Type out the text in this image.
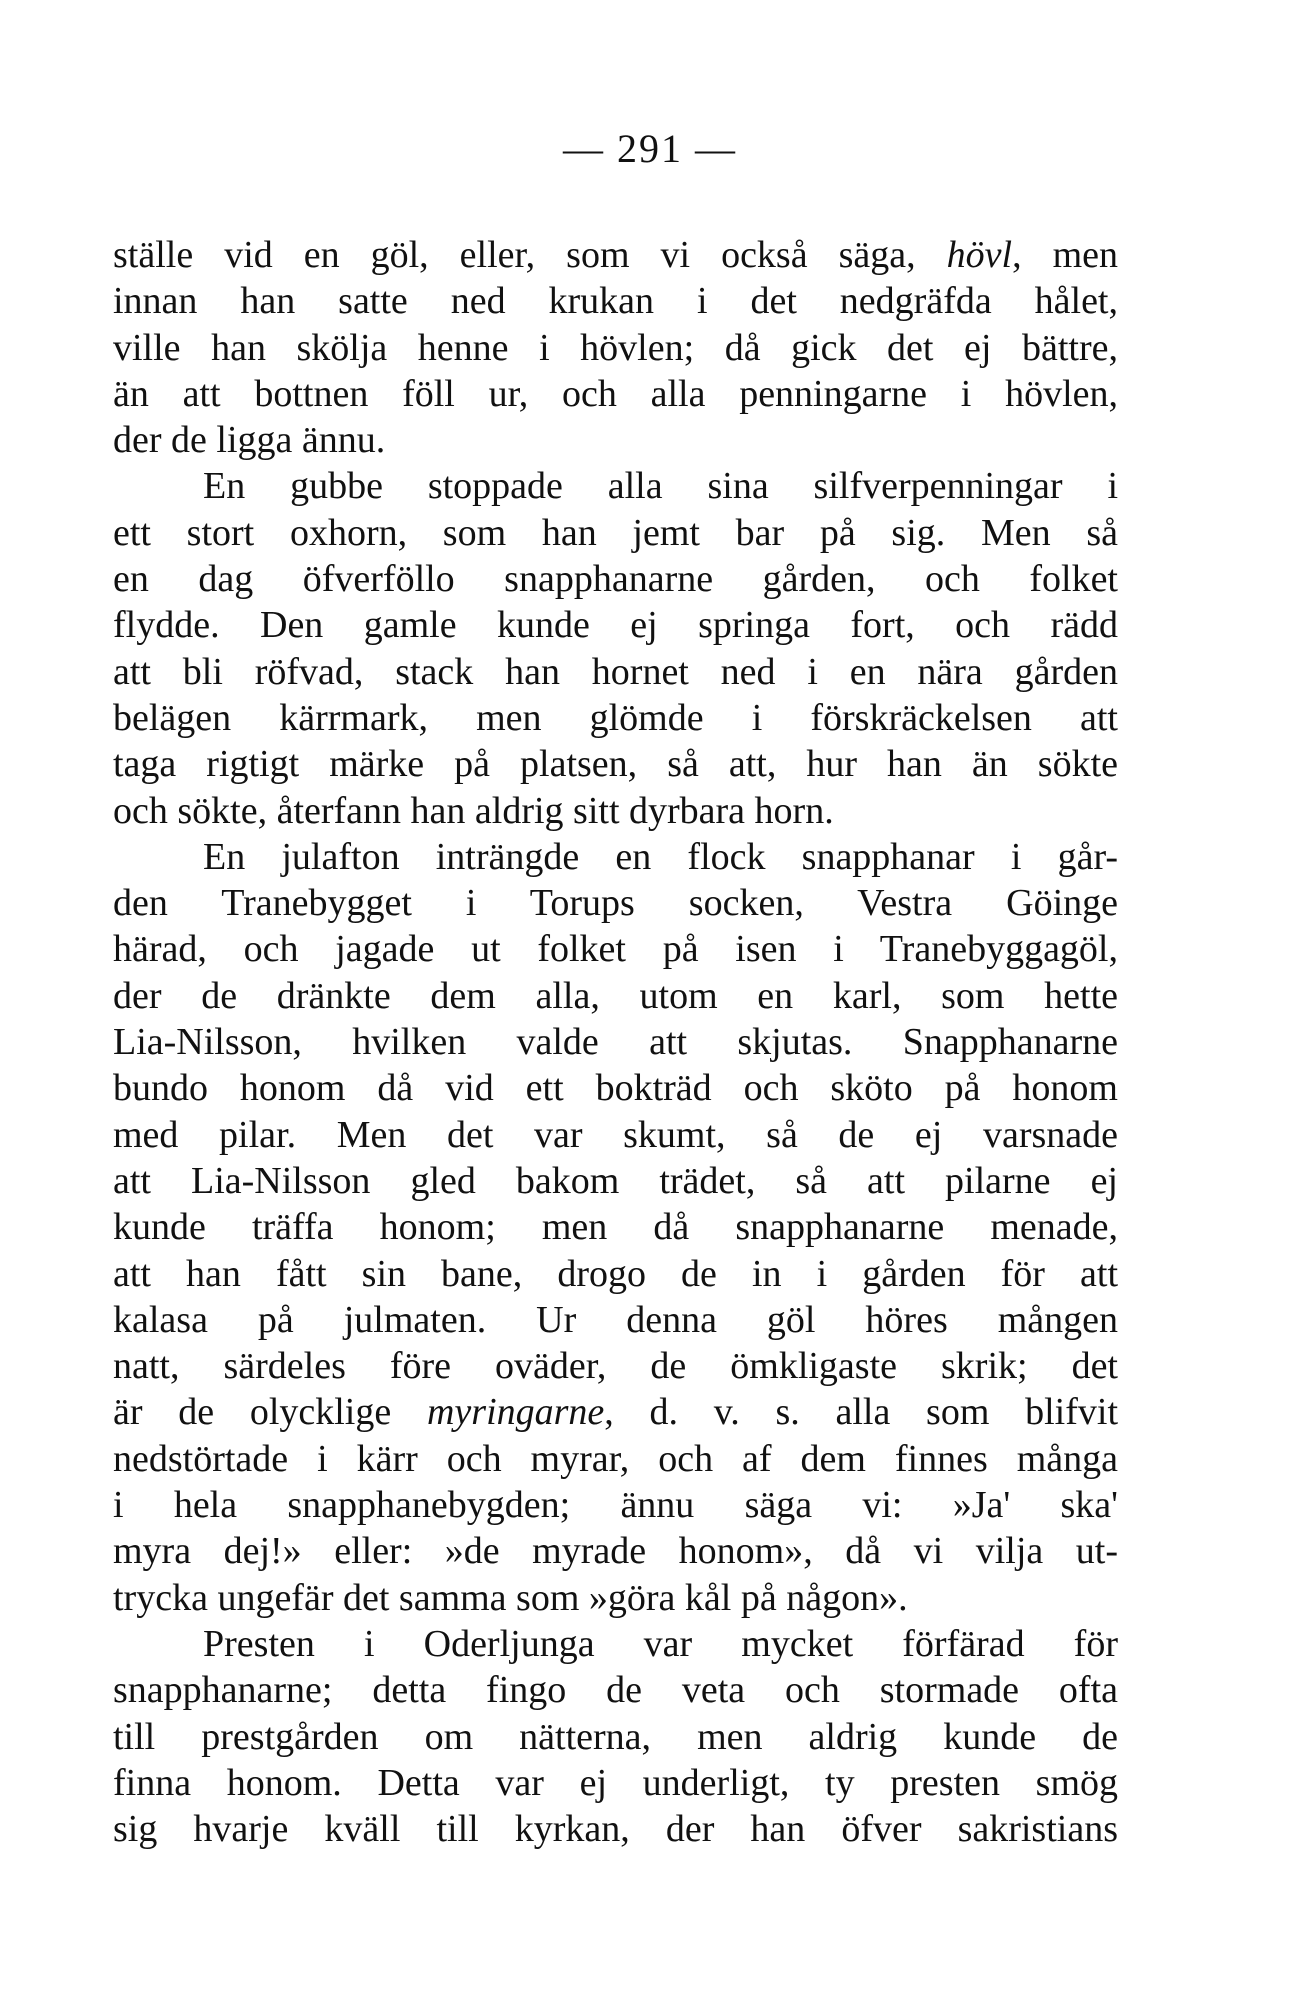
— 291 —
ställe vid en göl, eller, som vi också säga, hövl, men
innan han satte ned krukan i det nedgräfda hålet,
ville han skölja henne i hövlen; då gick det ej bättre,
än att bottnen föll ur, och alla penningarne i hövlen,
der de ligga ännu.
En gubbe stoppade alla sina silfverpenningar i
ett stort oxhorn, som han jemt bar på sig. Men så
en dag öfverföllo snapphanarne gården, och folket
flydde. Den gamle kunde ej springa fort, och rädd
att bli röfvad, stack han hornet ned i en nära gården
belägen kärrmark, men glömde i förskräckelsen att
taga rigtigt märke på platsen, så att, hur han än sökte
och sökte, återfann han aldrig sitt dyrbara horn.
En julafton inträngde en flock snapphanar i går-
den Tranebygget i Torups socken, Vestra Göinge
härad, och jagade ut folket på isen i Tranebyggagöl,
der de dränkte dem alla, utom en karl, som hette
Lia-Nilsson, hvilken valde att skjutas. Snapphanarne
bundo honom då vid ett bokträd och sköto på honom
med pilar. Men det var skumt, så de ej varsnade
att Lia-Nilsson gled bakom trädet, så att pilarne ej
kunde träffa honom; men då snapphanarne menade,
att han fått sin bane, drogo de in i gården för att
kalasa på julmaten. Ur denna göl höres mången
natt, särdeles före oväder, de ömkligaste skrik; det
är de olycklige myringarne, d. v. s. alla som blifvit
nedstörtade i kärr och myrar, och af dem finnes många
i hela snapphanebygden; ännu säga vi: »Ja' ska'
myra dej!» eller: »de myrade honom», då vi vilja ut-
trycka ungefär det samma som »göra kål på någon».
Presten i Oderljunga var mycket förfärad för
snapphanarne; detta fingo de veta och stormade ofta
till prestgården om nätterna, men aldrig kunde de
finna honom. Detta var ej underligt, ty presten smög
sig hvarje kväll till kyrkan, der han öfver sakristians
